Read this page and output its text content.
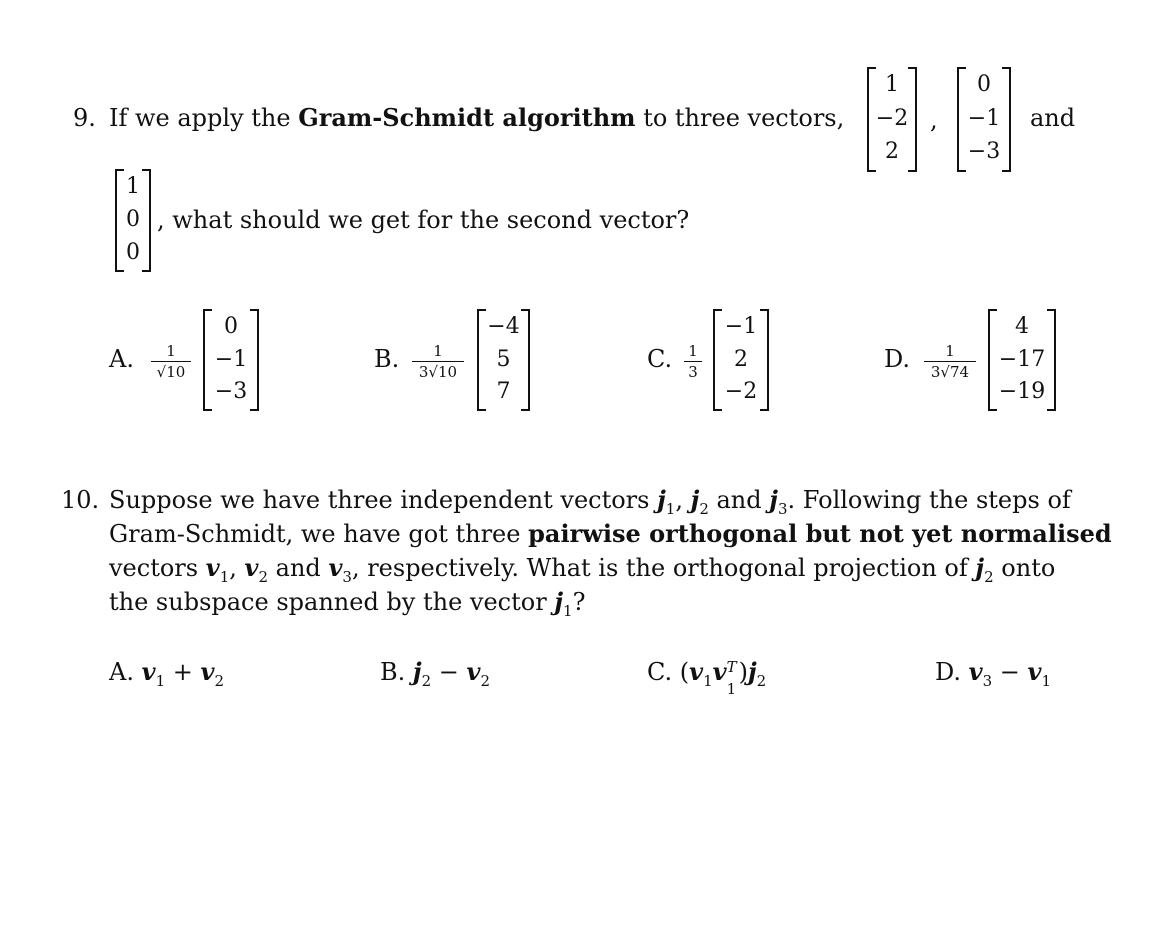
9. If we apply the Gram-Schmidt algorithm to three vectors,
1
−2
2
,
0
−1
−3
and
1
0
0
, what should we get for the second vector?
A. $\frac{1}{√10}$
0
−1
−3
B. $\frac{1}{3√10}$
−4
5
7
C. $\frac{1}{3}$
−1
2
−2
D. $\frac{1}{3√74}$
4
−17
−19
10. Suppose we have three independent vectors $j_1$, $j_2$ and $j_3$. Following the steps of
Gram-Schmidt, we have got three pairwise orthogonal but not yet normalised
vectors $v_1$, $v_2$ and $v_3$, respectively. What is the orthogonal projection of $j_2$ onto
the subspace spanned by the vector $j_1$?
A. $v_1 + v_2$	B. $j_2 - v_2$	C. ($v_1v$ T
1
)$j_2$	D. $v_3 - v_1$
